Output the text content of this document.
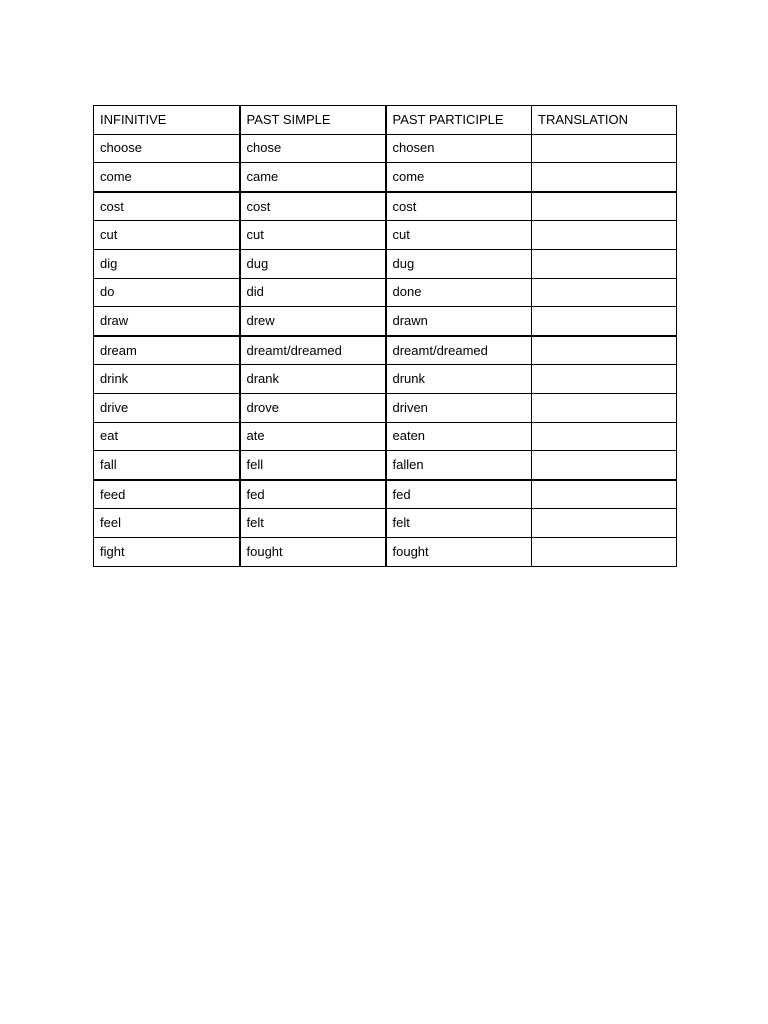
INFINITIVE	PAST SIMPLE	PAST PARTICIPLE	TRANSLATION
choose	chose	chosen	
come	came	come	
cost	cost	cost	
cut	cut	cut	
dig	dug	dug	
do	did	done	
draw	drew	drawn	
dream	dreamt/dreamed	dreamt/dreamed	
drink	drank	drunk	
drive	drove	driven	
eat	ate	eaten	
fall	fell	fallen	
feed	fed	fed	
feel	felt	felt	
fight	fought	fought	
